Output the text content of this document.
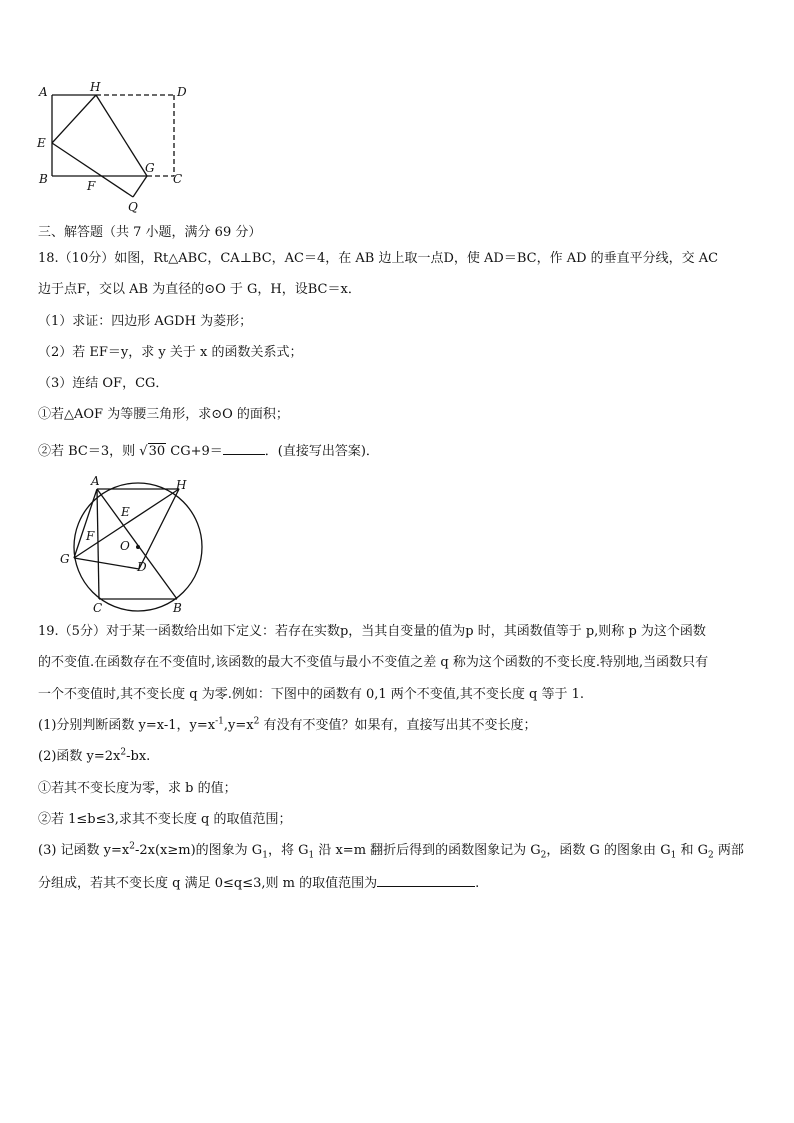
A	H	D
E
B	F
G
C
Q
三、解答题（共 7 小题，满分 69 分）
18.（10分）如图，Rt△ABC，CA⊥BC，AC＝4，在 AB 边上取一点D，使 AD＝BC，作 AD 的垂直平分线，交 AC
边于点F，交以 AB 为直径的⊙O 于 G，H，设BC＝x．
（1）求证：四边形 AGDH 为菱形；
（2）若 EF＝y，求 y 关于 x 的函数关系式；
（3）连结 OF，CG．
①若△AOF 为等腰三角形，求⊙O 的面积；
②若 BC＝3，则 √30 CG+9＝	．(直接写出答案)．
A	H
E
F
O
G
D
C	B
19.（5分）对于某一函数给出如下定义：若存在实数p，当其自变量的值为p 时，其函数值等于 p,则称 p 为这个函数
的不变值.在函数存在不变值时,该函数的最大不变值与最小不变值之差 q 称为这个函数的不变长度.特别地,当函数只有
一个不变值时,其不变长度 q 为零.例如：下图中的函数有 0,1 两个不变值,其不变长度 q 等于 1.
(1)分别判断函数 y=x-1，$y=x^{-1},y=x^2$ 有没有不变值？如果有，直接写出其不变长度；
(2)函数 $y=2x^2-bx$.
①若其不变长度为零，求 b 的值；
②若 1≤b≤3,求其不变长度 q 的取值范围；
(3) 记函数 $y=x^2-2x(x\ge m)$的图象为 $G_1$，将 $G_1$ 沿 x=m 翻折后得到的函数图象记为 $G_2$，函数 G 的图象由 $G_1$ 和 $G_2$ 两部
分组成，若其不变长度 q 满足 0≤q≤3,则 m 的取值范围为	.
